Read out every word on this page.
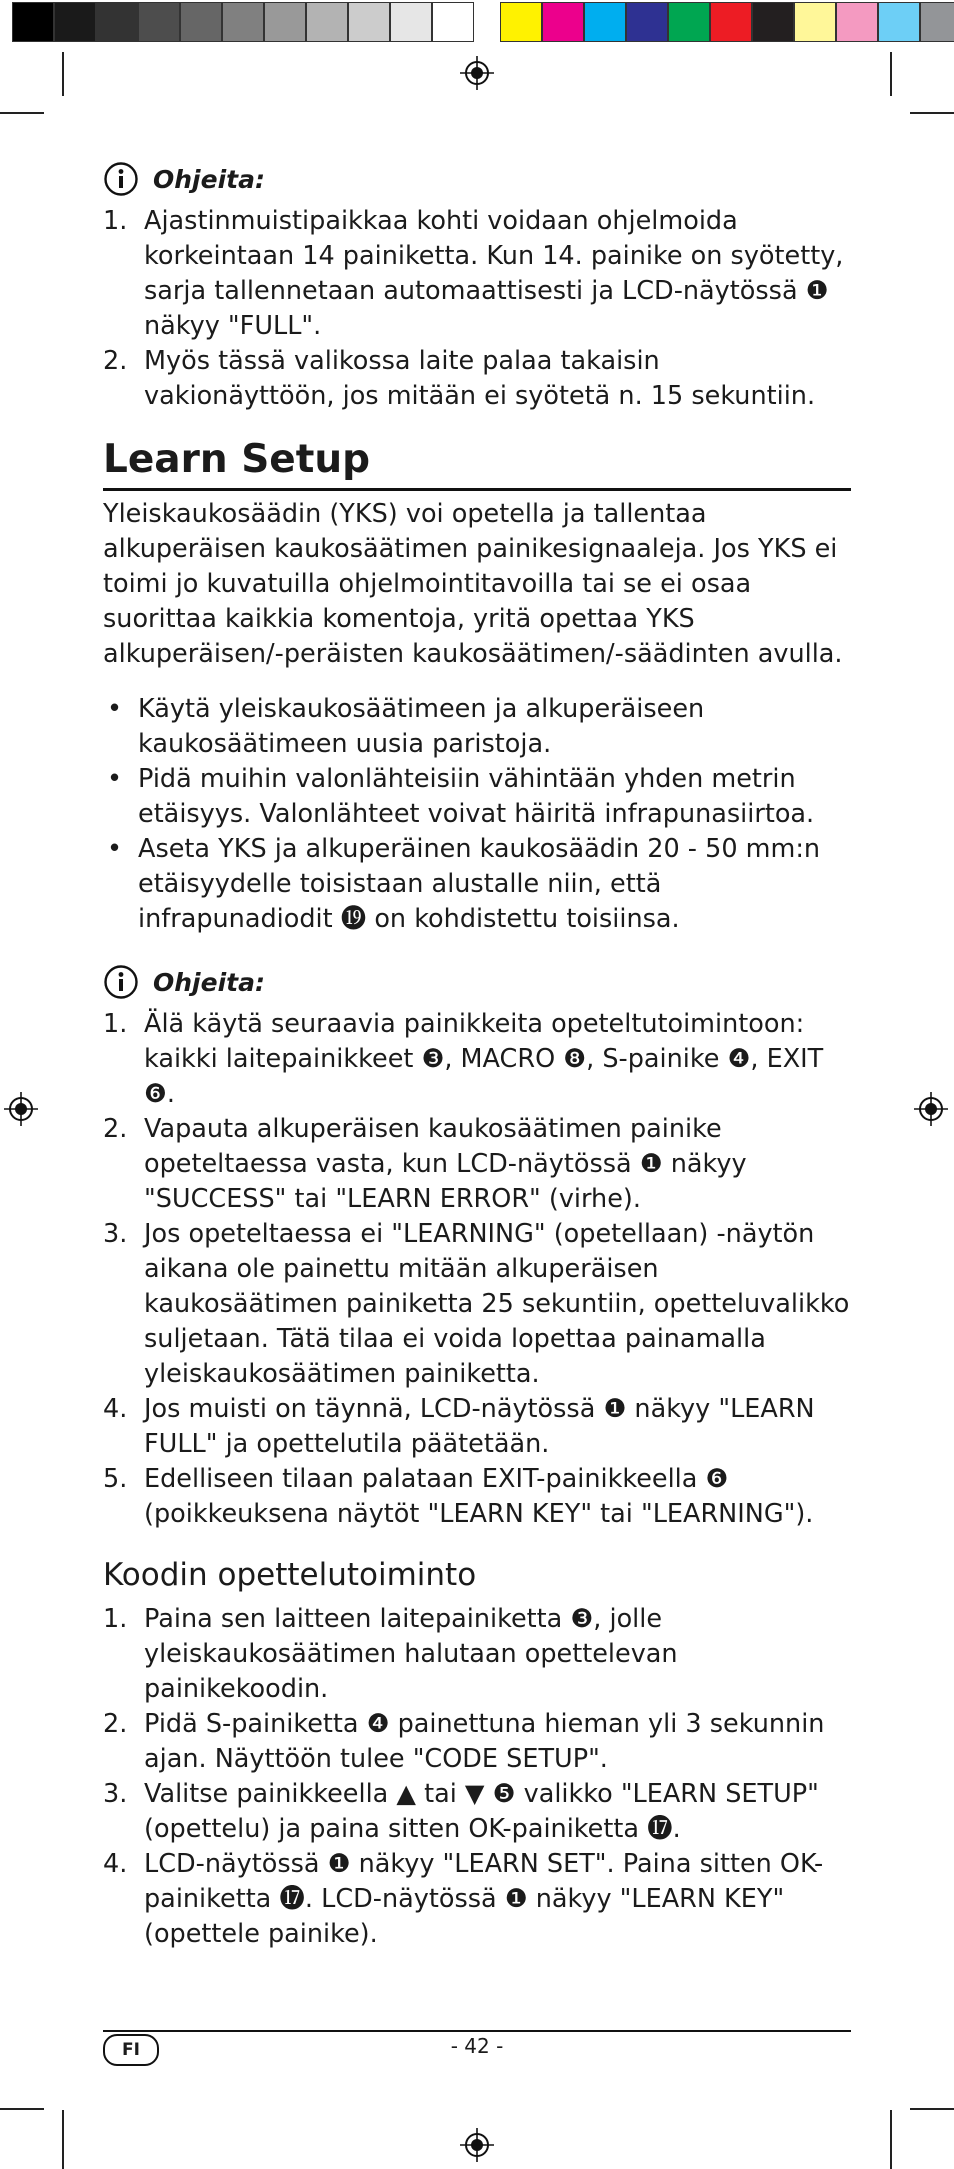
Ohjeita:
1. Ajastinmuistipaikkaa kohti voidaan ohjelmoida korkeintaan 14 painiketta. Kun 14. painike on syötetty, sarja tallennetaan automaattisesti ja LCD-näytössä ❶ näkyy "FULL".
2. Myös tässä valikossa laite palaa takaisin vakionäyttöön, jos mitään ei syötetä n. 15 sekuntiin.
Learn Setup

Yleiskaukosäädin (YKS) voi opetella ja tallentaa alkuperäisen kaukosäätimen painikesignaaleja. Jos YKS ei toimi jo kuvatuilla ohjelmointitavoilla tai se ei osaa suorittaa kaikkia komentoja, yritä opettaa YKS alkuperäisen/-peräisten kaukosäätimen/-säädinten avulla.

• Käytä yleiskaukosäätimeen ja alkuperäiseen kaukosäätimeen uusia paristoja.
• Pidä muihin valonlähteisiin vähintään yhden metrin etäisyys. Valonlähteet voivat häiritä infrapunasiirtoa.
• Aseta YKS ja alkuperäinen kaukosäädin 20 - 50 mm:n etäisyydelle toisistaan alustalle niin, että infrapunadiodit ⓳ on kohdistettu toisiinsa.
Ohjeita:
1. Älä käytä seuraavia painikkeita opeteltutoimintoon: kaikki laitepainikkeet ❸, MACRO ❽, S-painike ❹, EXIT ❻.
2. Vapauta alkuperäisen kaukosäätimen painike opeteltaessa vasta, kun LCD-näytössä ❶ näkyy "SUCCESS" tai "LEARN ERROR" (virhe).
3. Jos opeteltaessa ei "LEARNING" (opetellaan) -näytön aikana ole painettu mitään alkuperäisen kaukosäätimen painiketta 25 sekuntiin, opetteluvalikko suljetaan. Tätä tilaa ei voida lopettaa painamalla yleiskaukosäätimen painiketta.
4. Jos muisti on täynnä, LCD-näytössä ❶ näkyy "LEARN FULL" ja opettelutila päätetään.
5. Edelliseen tilaan palataan EXIT-painikkeella ❻ (poikkeuksena näytöt "LEARN KEY" tai "LEARNING").
Koodin opettelutoiminto
1. Paina sen laitteen laitepainiketta ❸, jolle yleiskaukosäätimen halutaan opettelevan painikekoodin.
2. Pidä S-painiketta ❹ painettuna hieman yli 3 sekunnin ajan. Näyttöön tulee "CODE SETUP".
3. Valitse painikkeella ▲ tai ▼ ❺ valikko "LEARN SETUP" (opettelu) ja paina sitten OK-painiketta ⓱.
4. LCD-näytössä ❶ näkyy "LEARN SET". Paina sitten OK-painiketta ⓱. LCD-näytössä ❶ näkyy "LEARN KEY" (opettele painike).
FI	- 42 -
